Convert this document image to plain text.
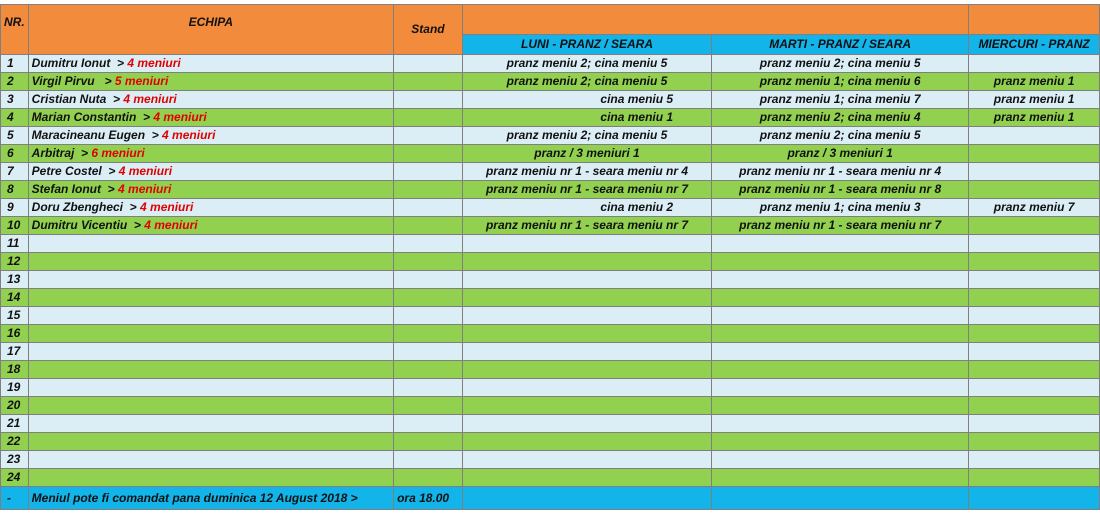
NR.	ECHIPA	Stand			
			LUNI - PRANZ / SEARA	MARTI - PRANZ / SEARA	MIERCURI - PRANZ
1	Dumitru Ionut  > 4 meniuri		pranz meniu 2; cina meniu 5	pranz meniu 2; cina meniu 5	
2	Virgil Pirvu   > 5 meniuri		pranz meniu 2; cina meniu 5	pranz meniu 1; cina meniu 6	pranz meniu 1
3	Cristian Nuta  > 4 meniuri		cina meniu 5	pranz meniu 1; cina meniu 7	pranz meniu 1
4	Marian Constantin  > 4 meniuri		cina meniu 1	pranz meniu 2; cina meniu 4	pranz meniu 1
5	Maracineanu Eugen  > 4 meniuri		pranz meniu 2; cina meniu 5	pranz meniu 2; cina meniu 5	
6	Arbitraj  > 6 meniuri		pranz / 3 meniuri 1	pranz / 3 meniuri 1	
7	Petre Costel  > 4 meniuri		pranz meniu nr 1 - seara meniu nr 4	pranz meniu nr 1 - seara meniu nr 4	
8	Stefan Ionut  > 4 meniuri		pranz meniu nr 1 - seara meniu nr 7	pranz meniu nr 1 - seara meniu nr 8	
9	Doru Zbengheci  > 4 meniuri		cina meniu 2	pranz meniu 1; cina meniu 3	pranz meniu 7
10	Dumitru Vicentiu  > 4 meniuri		pranz meniu nr 1 - seara meniu nr 7	pranz meniu nr 1 - seara meniu nr 7	
11					
12					
13					
14					
15					
16					
17					
18					
19					
20					
21					
22					
23					
24					
-	Meniul pote fi comandat pana duminica 12 August 2018 >	ora 18.00			
